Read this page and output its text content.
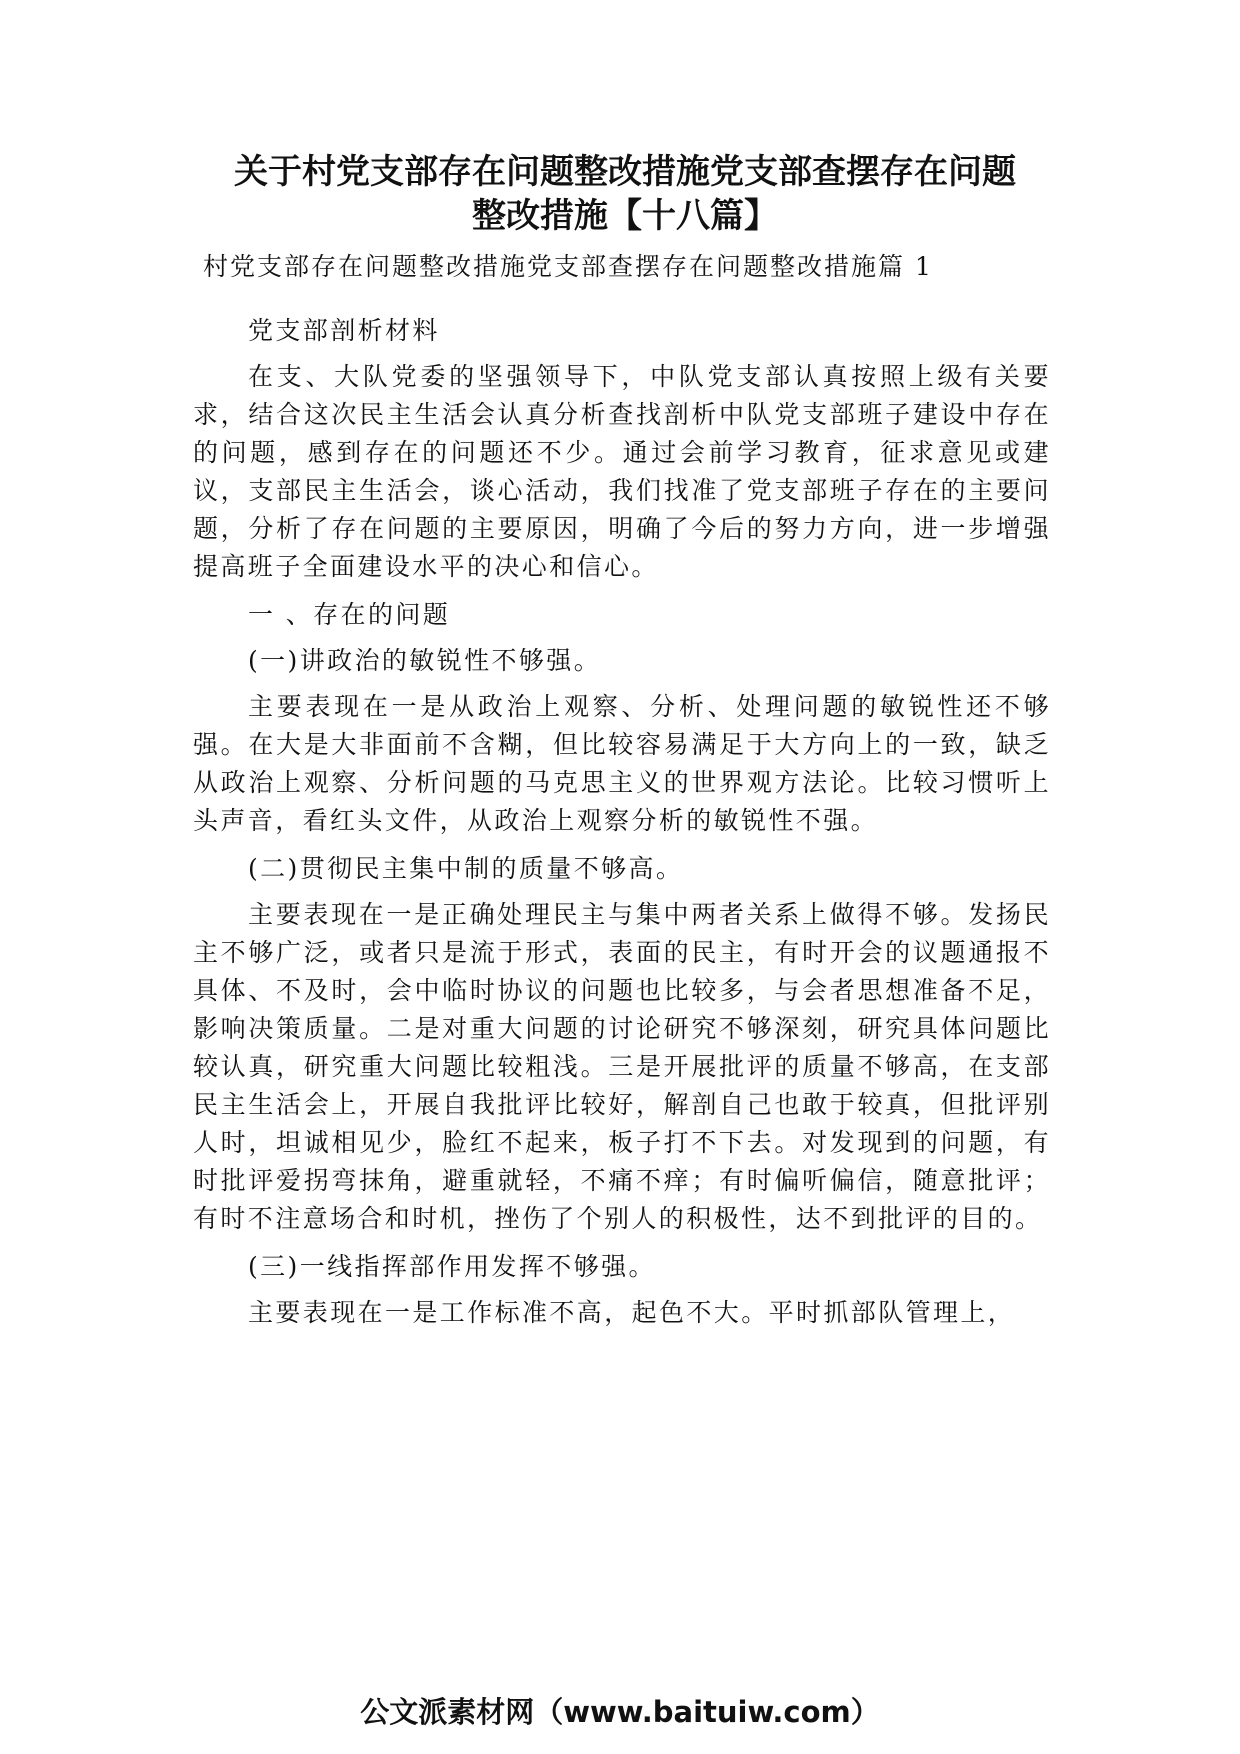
关于村党支部存在问题整改措施党支部查摆存在问题
整改措施【十八篇】

村党支部存在问题整改措施党支部查摆存在问题整改措施篇 1

党支部剖析材料

在支、大队党委的坚强领导下，中队党支部认真按照上级有关要求，结合这次民主生活会认真分析查找剖析中队党支部班子建设中存在的问题，感到存在的问题还不少。通过会前学习教育，征求意见或建议，支部民主生活会，谈心活动，我们找准了党支部班子存在的主要问题，分析了存在问题的主要原因，明确了今后的努力方向，进一步增强提高班子全面建设水平的决心和信心。

一 、存在的问题

(一)讲政治的敏锐性不够强。

主要表现在一是从政治上观察、分析、处理问题的敏锐性还不够强。在大是大非面前不含糊，但比较容易满足于大方向上的一致，缺乏从政治上观察、分析问题的马克思主义的世界观方法论。比较习惯听上头声音，看红头文件，从政治上观察分析的敏锐性不强。

(二)贯彻民主集中制的质量不够高。

主要表现在一是正确处理民主与集中两者关系上做得不够。发扬民主不够广泛，或者只是流于形式，表面的民主，有时开会的议题通报不具体、不及时，会中临时协议的问题也比较多，与会者思想准备不足，影响决策质量。二是对重大问题的讨论研究不够深刻，研究具体问题比较认真，研究重大问题比较粗浅。三是开展批评的质量不够高，在支部民主生活会上，开展自我批评比较好，解剖自己也敢于较真，但批评别人时，坦诚相见少，脸红不起来，板子打不下去。对发现到的问题，有时批评爱拐弯抹角，避重就轻，不痛不痒；有时偏听偏信，随意批评；有时不注意场合和时机，挫伤了个别人的积极性，达不到批评的目的。

(三)一线指挥部作用发挥不够强。

主要表现在一是工作标准不高，起色不大。平时抓部队管理上，

公文派素材网（www.baituiw.com）
